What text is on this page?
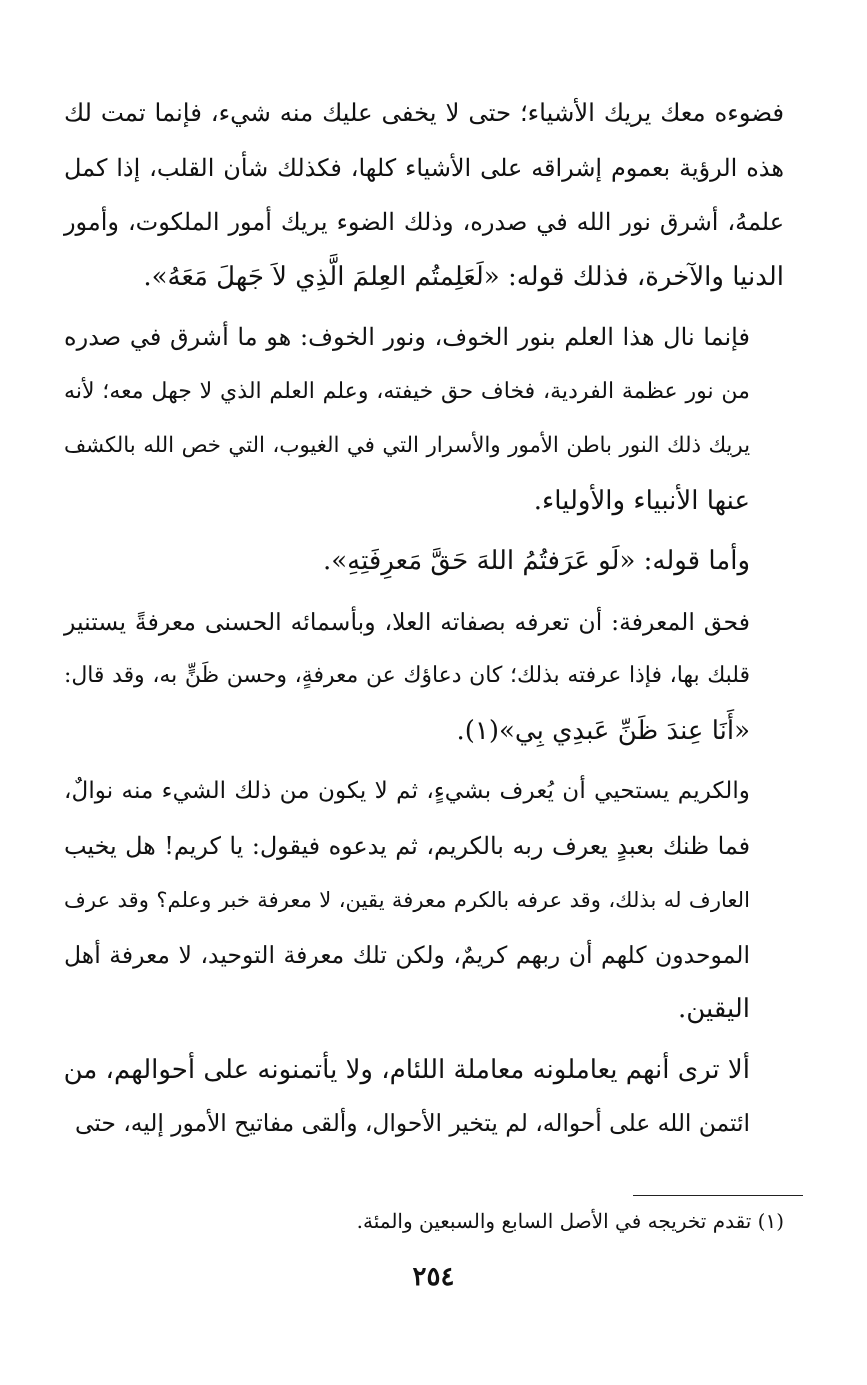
فضوءه معك يريك الأشياء؛ حتى لا يخفى عليك منه شيء، فإنما تمت لك
هذه الرؤية بعموم إشراقه على الأشياء كلها، فكذلك شأن القلب، إذا كمل
علمهُ، أشرق نور الله في صدره، وذلك الضوء يريك أمور الملكوت، وأمور
الدنيا والآخرة، فذلك قوله: «لَعَلِمتُم العِلمَ الَّذِي لاَ جَهلَ مَعَهُ».
فإنما نال هذا العلم بنور الخوف، ونور الخوف: هو ما أشرق في صدره
من نور عظمة الفردية، فخاف حق خيفته، وعلم العلم الذي لا جهل معه؛ لأنه
يريك ذلك النور باطن الأمور والأسرار التي في الغيوب، التي خص الله بالكشف
عنها الأنبياء والأولياء.
وأما قوله: «لَو عَرَفتُمُ اللهَ حَقَّ مَعرِفَتِهِ».
فحق المعرفة: أن تعرفه بصفاته العلا، وبأسمائه الحسنى معرفةً يستنير
قلبك بها، فإذا عرفته بذلك؛ كان دعاؤك عن معرفةٍ، وحسن ظَنٍّ به، وقد قال:
«أَنَا عِندَ ظَنِّ عَبدِي بِي»(١).
والكريم يستحيي أن يُعرف بشيءٍ، ثم لا يكون من ذلك الشيء منه نوالٌ،
فما ظنك بعبدٍ يعرف ربه بالكريم، ثم يدعوه فيقول: يا كريم! هل يخيب
العارف له بذلك، وقد عرفه بالكرم معرفة يقين، لا معرفة خبر وعلم؟ وقد عرف
الموحدون كلهم أن ربهم كريمٌ، ولكن تلك معرفة التوحيد، لا معرفة أهل
اليقين.
ألا ترى أنهم يعاملونه معاملة اللئام، ولا يأتمنونه على أحوالهم، من
ائتمن الله على أحواله، لم يتخير الأحوال، وألقى مفاتيح الأمور إليه، حتى
(١) تقدم تخريجه في الأصل السابع والسبعين والمئة.
٢٥٤
